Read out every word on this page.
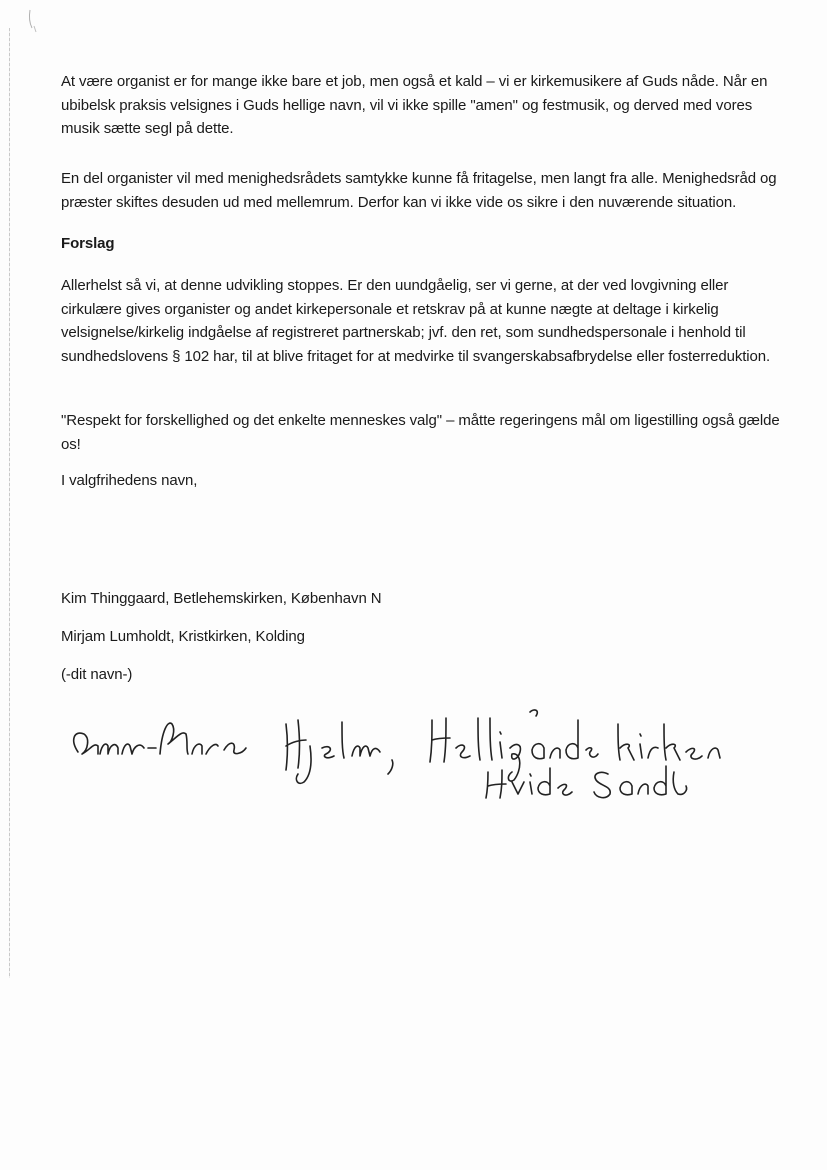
At være organist er for mange ikke bare et job, men også et kald – vi er kirkemusikere af Guds nåde. Når en ubibelsk praksis velsignes i Guds hellige navn, vil vi ikke spille "amen" og festmusik, og derved med vores musik sætte segl på dette.

En del organister vil med menighedsrådets samtykke kunne få fritagelse, men langt fra alle. Menighedsråd og præster skiftes desuden ud med mellemrum. Derfor kan vi ikke vide os sikre i den nuværende situation.

Forslag

Allerhelst så vi, at denne udvikling stoppes. Er den uundgåelig, ser vi gerne, at der ved lovgivning eller cirkulære gives organister og andet kirkepersonale et retskrav på at kunne nægte at deltage i kirkelig velsignelse/kirkelig indgåelse af registreret partnerskab; jvf. den ret, som sundhedspersonale i henhold til sundhedslovens § 102 har, til at blive fritaget for at medvirke til svangerskabsafbrydelse eller fosterreduktion.

"Respekt for forskellighed og det enkelte menneskes valg" – måtte regeringens mål om ligestilling også gælde os!

I valgfrihedens navn,
Kim Thinggaard, Betlehemskirken, København N
Mirjam Lumholdt, Kristkirken, Kolding
(-dit navn-)
